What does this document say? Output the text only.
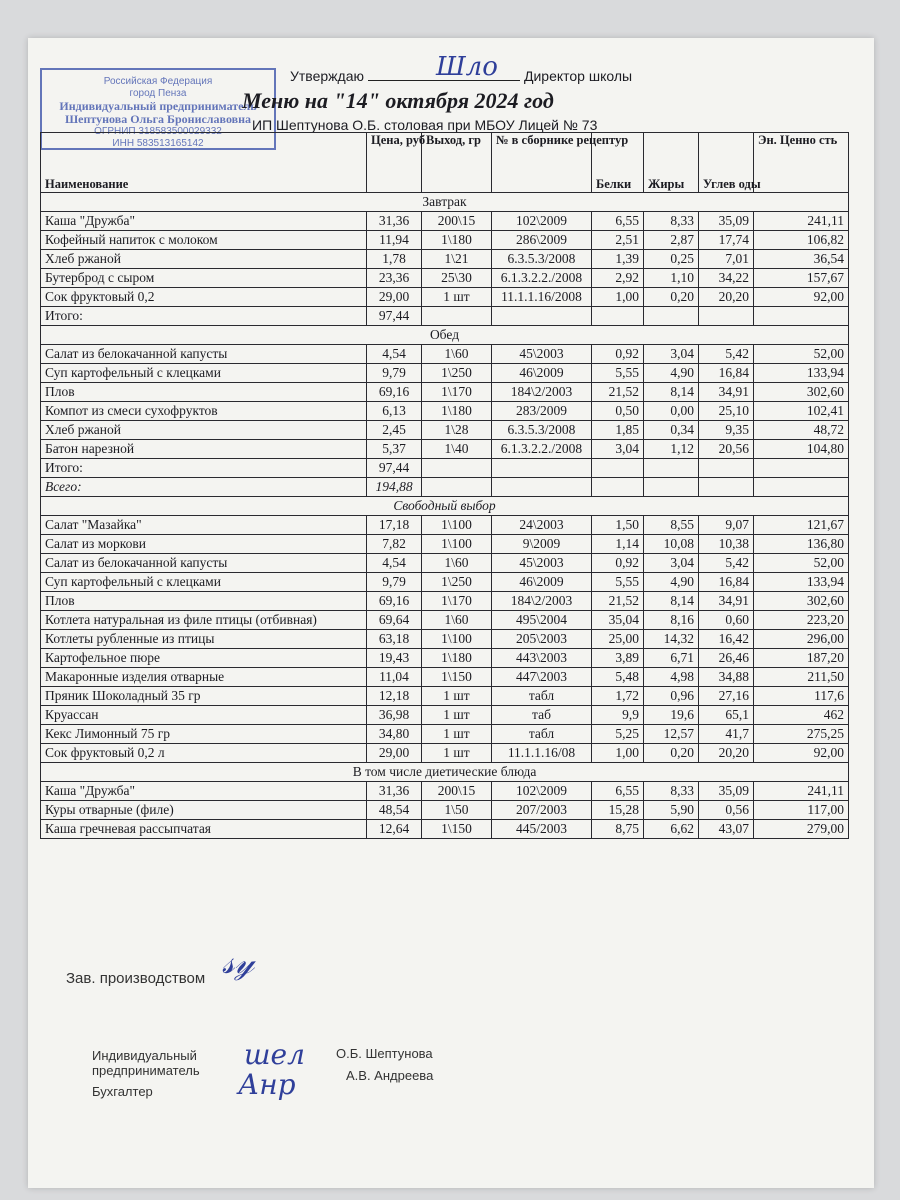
Российская Федерация
город Пенза
Индивидуальный предприниматель
Шептунова Ольга Брониславовна
ОГРНИП 318583500029332
ИНН 583513165142
Утверждаю	Директор школы
Шло
Меню на "14" октября 2024 год
ИП Шептунова О.Б. столовая при МБОУ Лицей № 73
Наименование	Цена, руб	Выход, гр	№ в сборнике рецептур	Белки	Жиры	Углев оды	Эн. Ценно сть
Завтрак							
Каша "Дружба"	31,36	200\15	102\2009	6,55	8,33	35,09	241,11
Кофейный напиток с молоком	11,94	1\180	286\2009	2,51	2,87	17,74	106,82
Хлеб ржаной	1,78	1\21	6.3.5.3/2008	1,39	0,25	7,01	36,54
Бутерброд с сыром	23,36	25\30	6.1.3.2.2./2008	2,92	1,10	34,22	157,67
Сок фруктовый 0,2	29,00	1 шт	11.1.1.16/2008	1,00	0,20	20,20	92,00
Итого:	97,44						
Обед							
Салат из белокачанной капусты	4,54	1\60	45\2003	0,92	3,04	5,42	52,00
Суп картофельный с клецками	9,79	1\250	46\2009	5,55	4,90	16,84	133,94
Плов	69,16	1\170	184\2/2003	21,52	8,14	34,91	302,60
Компот из смеси сухофруктов	6,13	1\180	283/2009	0,50	0,00	25,10	102,41
Хлеб ржаной	2,45	1\28	6.3.5.3/2008	1,85	0,34	9,35	48,72
Батон нарезной	5,37	1\40	6.1.3.2.2./2008	3,04	1,12	20,56	104,80
Итого:	97,44						
Всего:	194,88						
Свободный выбор							
Салат "Мазайка"	17,18	1\100	24\2003	1,50	8,55	9,07	121,67
Салат из моркови	7,82	1\100	9\2009	1,14	10,08	10,38	136,80
Салат из белокачанной капусты	4,54	1\60	45\2003	0,92	3,04	5,42	52,00
Суп картофельный с клецками	9,79	1\250	46\2009	5,55	4,90	16,84	133,94
Плов	69,16	1\170	184\2/2003	21,52	8,14	34,91	302,60
Котлета натуральная из филе птицы (отбивная)	69,64	1\60	495\2004	35,04	8,16	0,60	223,20
Котлеты рубленные из птицы	63,18	1\100	205\2003	25,00	14,32	16,42	296,00
Картофельное пюре	19,43	1\180	443\2003	3,89	6,71	26,46	187,20
Макаронные изделия отварные	11,04	1\150	447\2003	5,48	4,98	34,88	211,50
Пряник Шоколадный 35 гр	12,18	1 шт	табл	1,72	0,96	27,16	117,6
Круассан	36,98	1 шт	таб	9,9	19,6	65,1	462
Кекс Лимонный 75 гр	34,80	1 шт	табл	5,25	12,57	41,7	275,25
Сок фруктовый 0,2 л	29,00	1 шт	11.1.1.16/08	1,00	0,20	20,20	92,00
В том числе диетические блюда							
Каша "Дружба"	31,36	200\15	102\2009	6,55	8,33	35,09	241,11
Куры отварные (филе)	48,54	1\50	207/2003	15,28	5,90	0,56	117,00
Каша гречневая рассыпчатая	12,64	1\150	445/2003	8,75	6,62	43,07	279,00
Зав. производством 𝓈𝓎
Индивидуальный
предприниматель шел О.Б. Шептунова
Бухгалтер	Анр	А.В. Андреева
